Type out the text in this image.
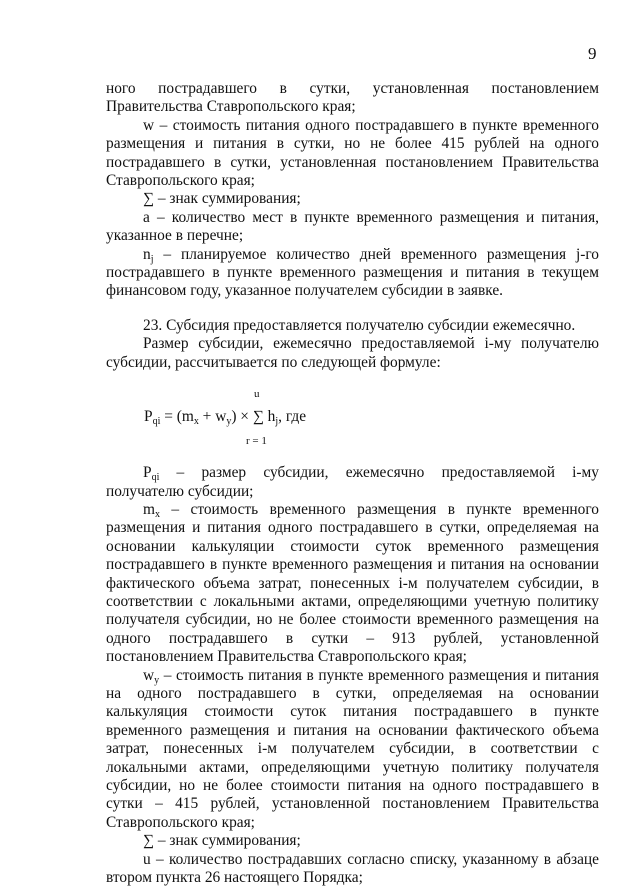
9

ного пострадавшего в сутки, установленная постановлением Правительства Ставропольского края;

w – стоимость питания одного пострадавшего в пункте временного размещения и питания в сутки, но не более 415 рублей на одного пострадавшего в сутки, установленная постановлением Правительства Ставропольского края;

∑ – знак суммирования;

a – количество мест в пункте временного размещения и питания, указанное в перечне;

$n_j$ – планируемое количество дней временного размещения j-го пострадавшего в пункте временного размещения и питания в текущем финансовом году, указанное получателем субсидии в заявке.

23. Субсидия предоставляется получателю субсидии ежемесячно.

Размер субсидии, ежемесячно предоставляемой i-му получателю субсидии, рассчитывается по следующей формуле:

u
$P_{qi} = (m_x + w_y)$ × ∑ $h_j$, где
r = 1

$P_{qi}$ – размер субсидии, ежемесячно предоставляемой i-му получателю субсидии;

$m_x$ – стоимость временного размещения в пункте временного размещения и питания одного пострадавшего в сутки, определяемая на основании калькуляции стоимости суток временного размещения пострадавшего в пункте временного размещения и питания на основании фактического объема затрат, понесенных i-м получателем субсидии, в соответствии с локальными актами, определяющими учетную политику получателя субсидии, но не более стоимости временного размещения на одного пострадавшего в сутки – 913 рублей, установленной постановлением Правительства Ставропольского края;

$w_y$ – стоимость питания в пункте временного размещения и питания на одного пострадавшего в сутки, определяемая на основании калькуляция стоимости суток питания пострадавшего в пункте временного размещения и питания на основании фактического объема затрат, понесенных i-м получателем субсидии, в соответствии с локальными актами, определяющими учетную политику получателя субсидии, но не более стоимости питания на одного пострадавшего в сутки – 415 рублей, установленной постановлением Правительства Ставропольского края;

∑ – знак суммирования;

u – количество пострадавших согласно списку, указанному в абзаце втором пункта 26 настоящего Порядка;
